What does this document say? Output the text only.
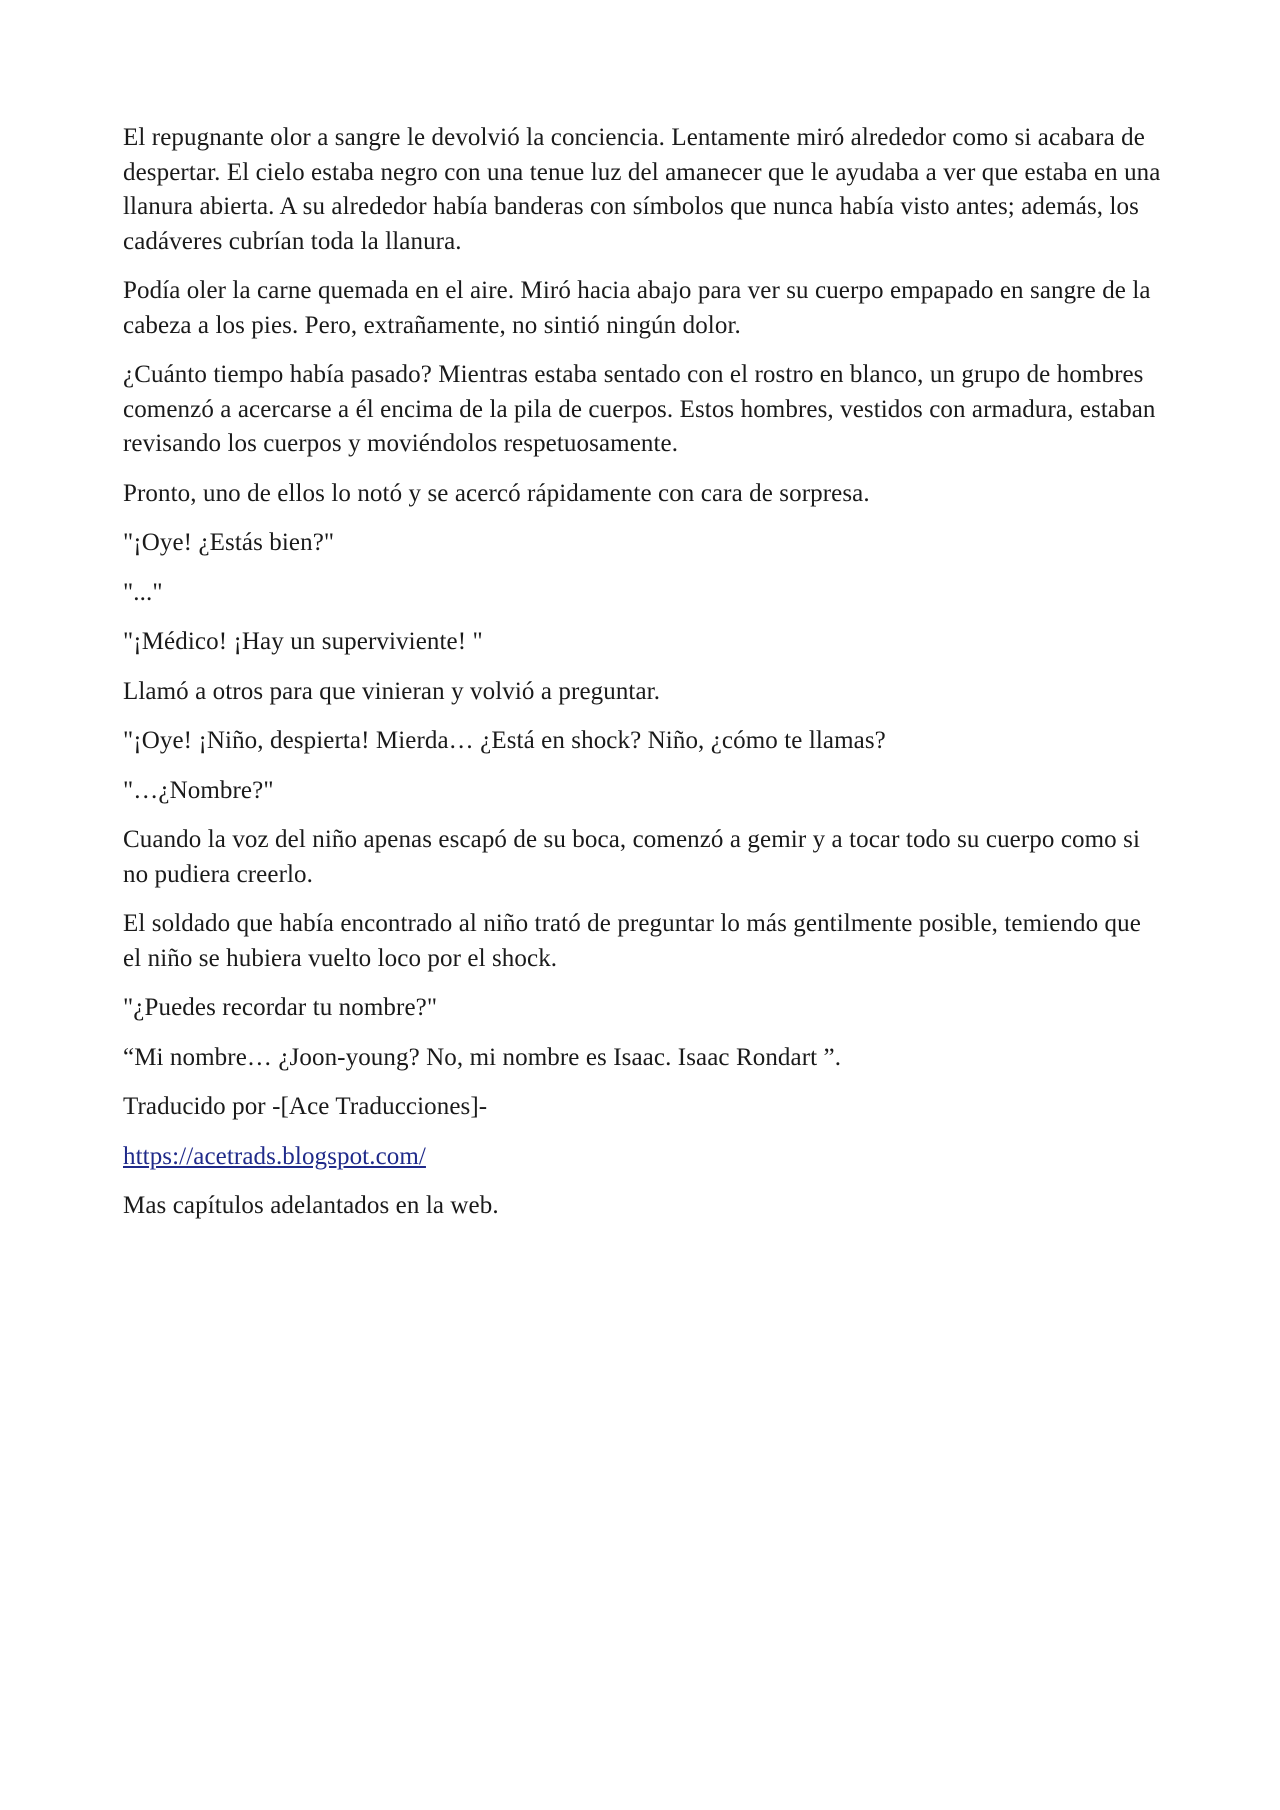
El repugnante olor a sangre le devolvió la conciencia. Lentamente miró alrededor como si acabara de despertar. El cielo estaba negro con una tenue luz del amanecer que le ayudaba a ver que estaba en una llanura abierta. A su alrededor había banderas con símbolos que nunca había visto antes; además, los cadáveres cubrían toda la llanura.

Podía oler la carne quemada en el aire. Miró hacia abajo para ver su cuerpo empapado en sangre de la cabeza a los pies. Pero, extrañamente, no sintió ningún dolor.

¿Cuánto tiempo había pasado? Mientras estaba sentado con el rostro en blanco, un grupo de hombres comenzó a acercarse a él encima de la pila de cuerpos. Estos hombres, vestidos con armadura, estaban revisando los cuerpos y moviéndolos respetuosamente.

Pronto, uno de ellos lo notó y se acercó rápidamente con cara de sorpresa.

"¡Oye! ¿Estás bien?"

"..."

"¡Médico! ¡Hay un superviviente! "

Llamó a otros para que vinieran y volvió a preguntar.

"¡Oye! ¡Niño, despierta! Mierda… ¿Está en shock? Niño, ¿cómo te llamas?

"…¿Nombre?"

Cuando la voz del niño apenas escapó de su boca, comenzó a gemir y a tocar todo su cuerpo como si no pudiera creerlo.

El soldado que había encontrado al niño trató de preguntar lo más gentilmente posible, temiendo que el niño se hubiera vuelto loco por el shock.

"¿Puedes recordar tu nombre?"

“Mi nombre… ¿Joon-young? No, mi nombre es Isaac. Isaac Rondart ”.

Traducido por -[Ace Traducciones]-

https://acetrads.blogspot.com/

Mas capítulos adelantados en la web.
